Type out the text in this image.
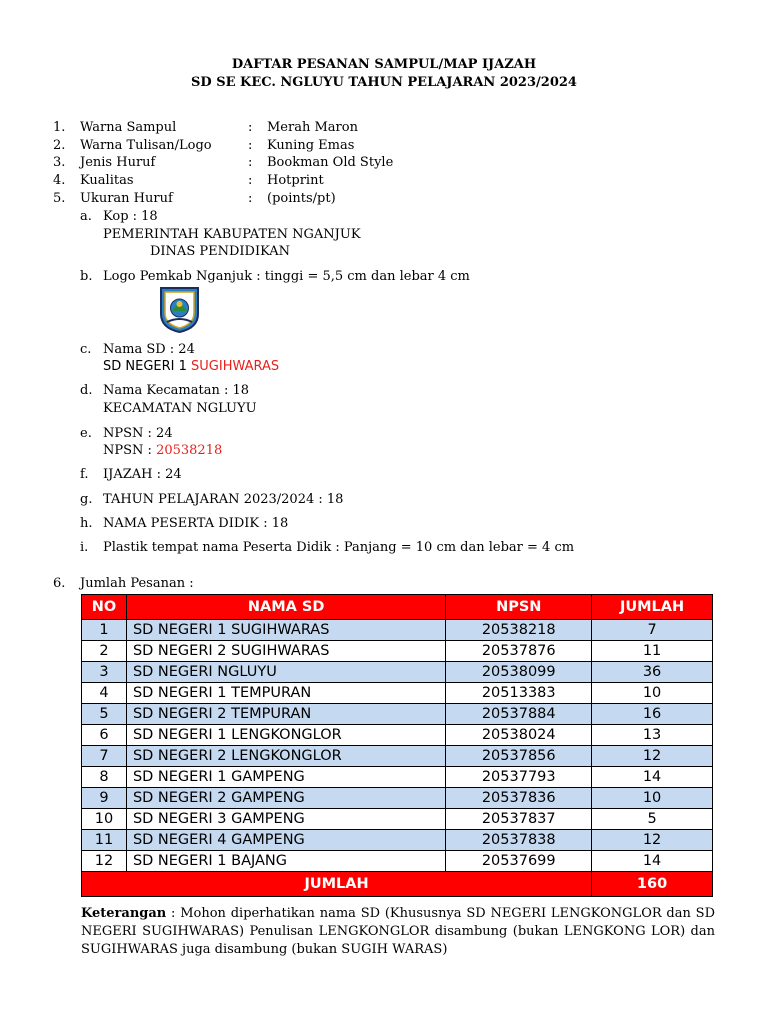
DAFTAR PESANAN SAMPUL/MAP IJAZAH
SD SE KEC. NGLUYU TAHUN PELAJARAN 2023/2024
1. Warna Sampul	: Merah Maron
2. Warna Tulisan/Logo	: Kuning Emas
3. Jenis Huruf	: Bookman Old Style
4. Kualitas	: Hotprint
5. Ukuran Huruf	: (points/pt)
a. Kop : 18
PEMERINTAH KABUPATEN NGANJUK
DINAS PENDIDIKAN
b. Logo Pemkab Nganjuk : tinggi = 5,5 cm dan lebar 4 cm
c. Nama SD : 24
SD NEGERI 1 SUGIHWARAS
d. Nama Kecamatan : 18
KECAMATAN NGLUYU
e. NPSN : 24
NPSN : 20538218
f. IJAZAH : 24
g. TAHUN PELAJARAN 2023/2024 : 18
h. NAMA PESERTA DIDIK : 18
i. Plastik tempat nama Peserta Didik : Panjang = 10 cm dan lebar = 4 cm
6. Jumlah Pesanan :
NO	NAMA SD	NPSN	JUMLAH
1	SD NEGERI 1 SUGIHWARAS	20538218	7
2	SD NEGERI 2 SUGIHWARAS	20537876	11
3	SD NEGERI NGLUYU	20538099	36
4	SD NEGERI 1 TEMPURAN	20513383	10
5	SD NEGERI 2 TEMPURAN	20537884	16
6	SD NEGERI 1 LENGKONGLOR	20538024	13
7	SD NEGERI 2 LENGKONGLOR	20537856	12
8	SD NEGERI 1 GAMPENG	20537793	14
9	SD NEGERI 2 GAMPENG	20537836	10
10	SD NEGERI 3 GAMPENG	20537837	5
11	SD NEGERI 4 GAMPENG	20537838	12
12	SD NEGERI 1 BAJANG	20537699	14
JUMLAH			160
Keterangan : Mohon diperhatikan nama SD (Khususnya SD NEGERI LENGKONGLOR dan SD NEGERI SUGIHWARAS) Penulisan LENGKONGLOR disambung (bukan LENGKONG LOR) dan SUGIHWARAS juga disambung (bukan SUGIH WARAS)
